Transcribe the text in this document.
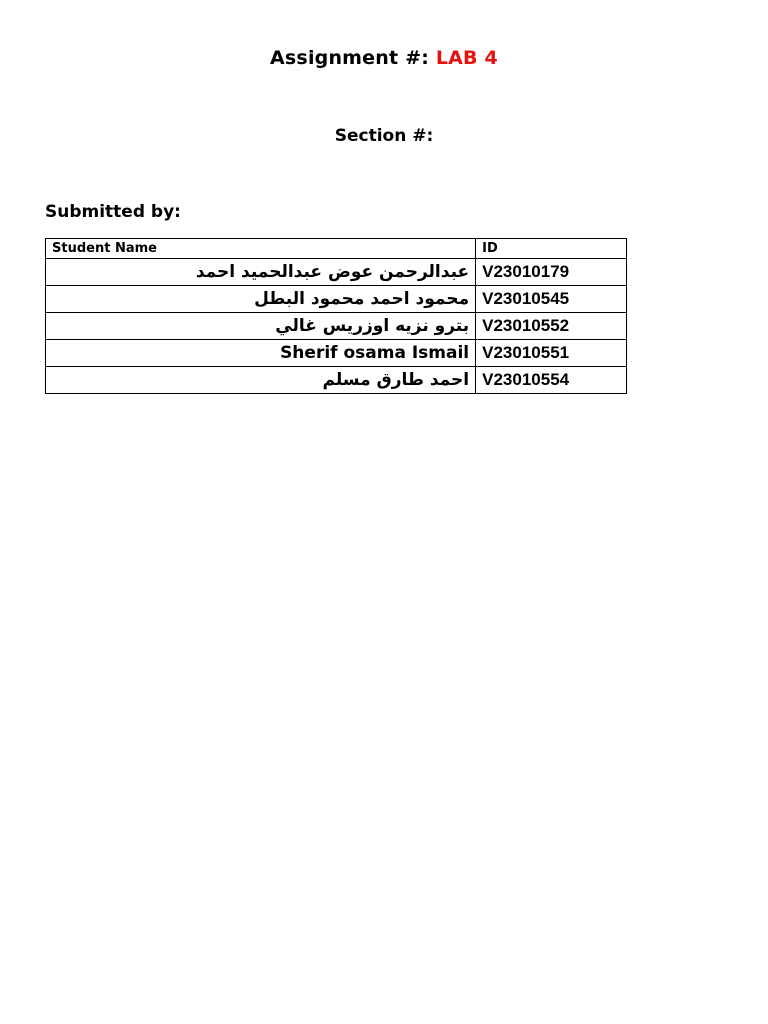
Assignment #: LAB 4
Section #:
Submitted by:
Student Name	ID
عبدالرحمن عوض عبدالحميد احمد	V23010179
محمود احمد محمود البطل	V23010545
بترو نزيه اوزريس غالي	V23010552
Sherif osama Ismail	V23010551
احمد طارق مسلم	V23010554
